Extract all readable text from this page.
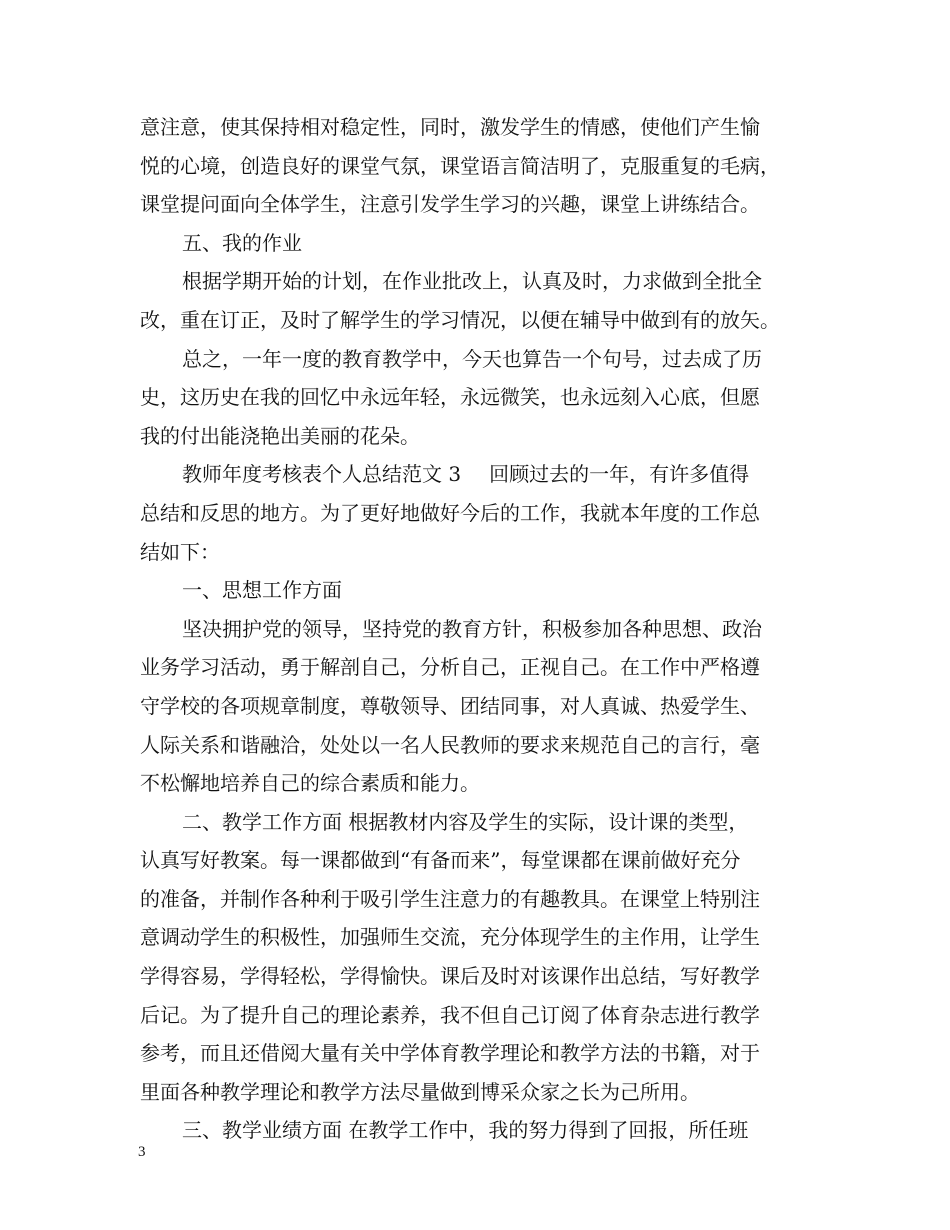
意注意，使其保持相对稳定性，同时，激发学生的情感，使他们产生愉
悦的心境，创造良好的课堂气氛，课堂语言简洁明了，克服重复的毛病，
课堂提问面向全体学生，注意引发学生学习的兴趣，课堂上讲练结合。
五、我的作业
根据学期开始的计划，在作业批改上，认真及时，力求做到全批全
改，重在订正，及时了解学生的学习情况，以便在辅导中做到有的放矢。
总之，一年一度的教育教学中，今天也算告一个句号，过去成了历
史，这历史在我的回忆中永远年轻，永远微笑，也永远刻入心底，但愿
我的付出能浇艳出美丽的花朵。
教师年度考核表个人总结范文 3 回顾过去的一年，有许多值得
总结和反思的地方。为了更好地做好今后的工作，我就本年度的工作总
结如下：
一、思想工作方面
坚决拥护党的领导，坚持党的教育方针，积极参加各种思想、政治
业务学习活动，勇于解剖自己，分析自己，正视自己。在工作中严格遵
守学校的各项规章制度，尊敬领导、团结同事，对人真诚、热爱学生、
人际关系和谐融洽，处处以一名人民教师的要求来规范自己的言行，毫
不松懈地培养自己的综合素质和能力。
二、教学工作方面 根据教材内容及学生的实际，设计课的类型，
认真写好教案。每一课都做到“有备而来”，每堂课都在课前做好充分
的准备，并制作各种利于吸引学生注意力的有趣教具。在课堂上特别注
意调动学生的积极性，加强师生交流，充分体现学生的主作用，让学生
学得容易，学得轻松，学得愉快。课后及时对该课作出总结，写好教学
后记。为了提升自己的理论素养，我不但自己订阅了体育杂志进行教学
参考，而且还借阅大量有关中学体育教学理论和教学方法的书籍，对于
里面各种教学理论和教学方法尽量做到博采众家之长为己所用。
三、教学业绩方面 在教学工作中，我的努力得到了回报，所任班
3
